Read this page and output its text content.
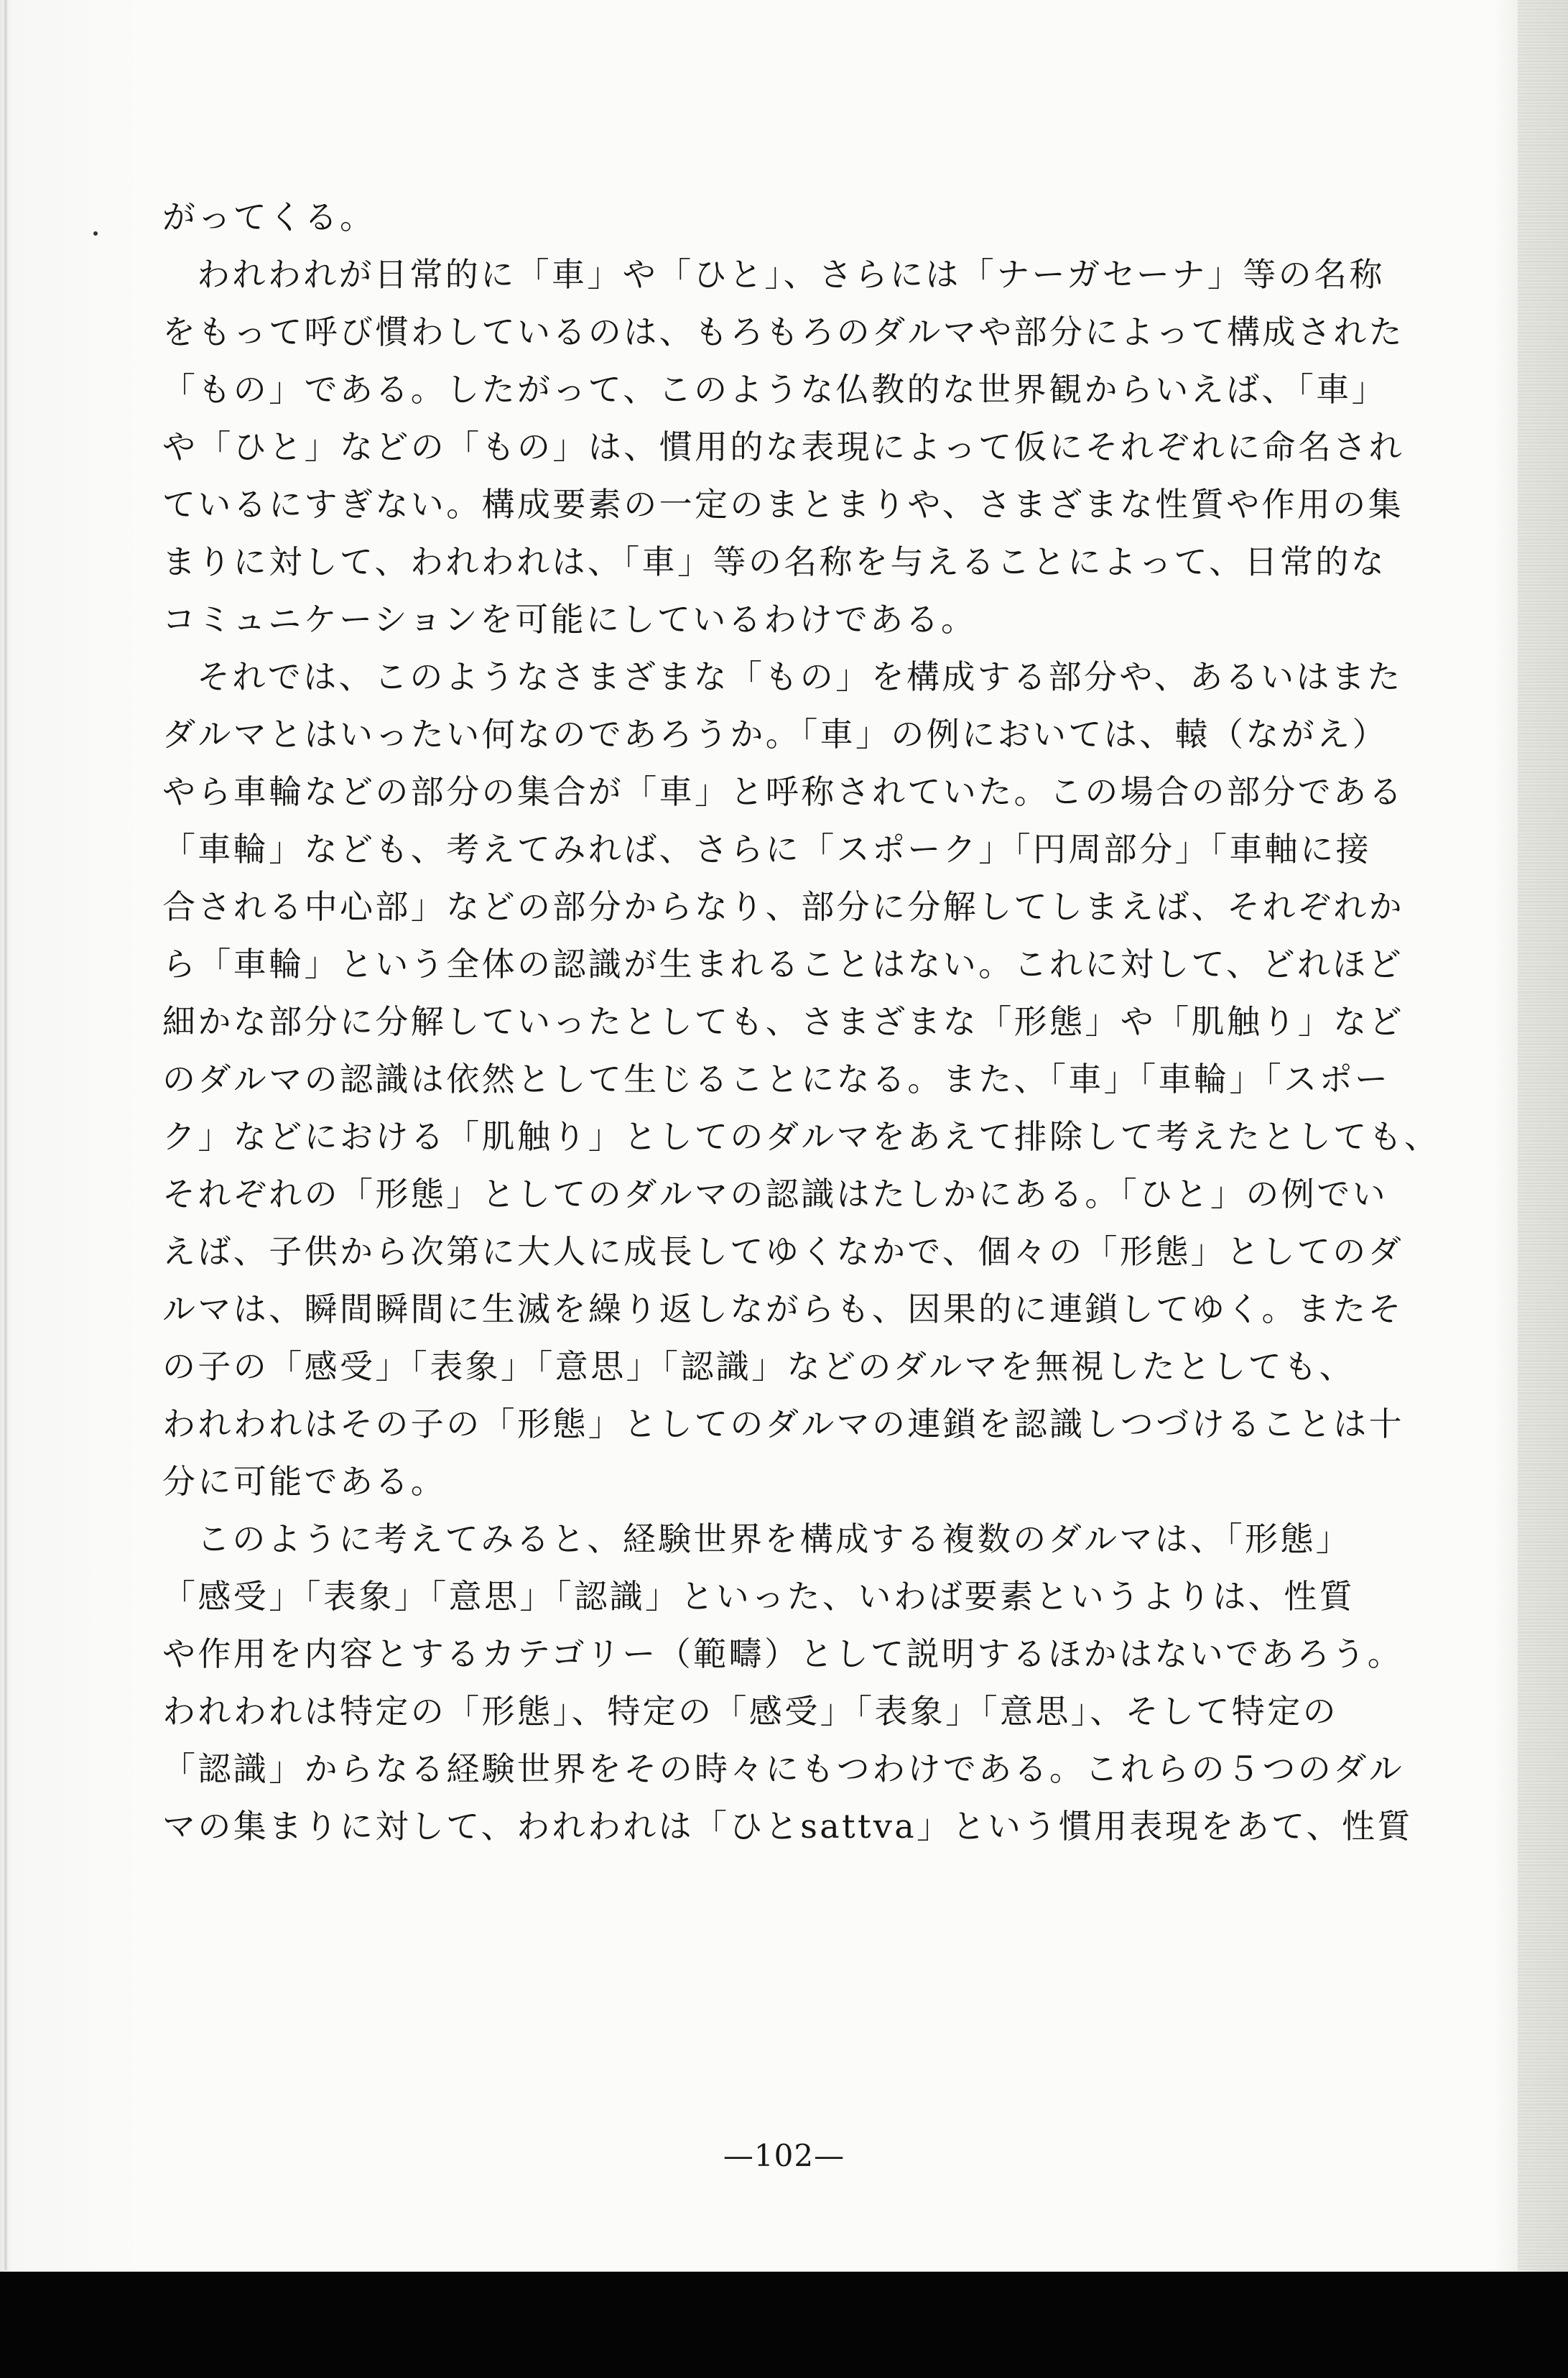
がってくる。
われわれが日常的に「車」や「ひと」、さらには「ナーガセーナ」等の名称
をもって呼び慣わしているのは、もろもろのダルマや部分によって構成された
「もの」である。したがって、このような仏教的な世界観からいえば、「車」
や「ひと」などの「もの」は、慣用的な表現によって仮にそれぞれに命名され
ているにすぎない。構成要素の一定のまとまりや、さまざまな性質や作用の集
まりに対して、われわれは、「車」等の名称を与えることによって、日常的な
コミュニケーションを可能にしているわけである。
それでは、このようなさまざまな「もの」を構成する部分や、あるいはまた
ダルマとはいったい何なのであろうか。「車」の例においては、轅（ながえ）
やら車輪などの部分の集合が「車」と呼称されていた。この場合の部分である
「車輪」なども、考えてみれば、さらに「スポーク」「円周部分」「車軸に接
合される中心部」などの部分からなり、部分に分解してしまえば、それぞれか
ら「車輪」という全体の認識が生まれることはない。これに対して、どれほど
細かな部分に分解していったとしても、さまざまな「形態」や「肌触り」など
のダルマの認識は依然として生じることになる。また、「車」「車輪」「スポー
ク」などにおける「肌触り」としてのダルマをあえて排除して考えたとしても、
それぞれの「形態」としてのダルマの認識はたしかにある。「ひと」の例でい
えば、子供から次第に大人に成長してゆくなかで、個々の「形態」としてのダ
ルマは、瞬間瞬間に生滅を繰り返しながらも、因果的に連鎖してゆく。またそ
の子の「感受」「表象」「意思」「認識」などのダルマを無視したとしても、
われわれはその子の「形態」としてのダルマの連鎖を認識しつづけることは十
分に可能である。
このように考えてみると、経験世界を構成する複数のダルマは、「形態」
「感受」「表象」「意思」「認識」といった、いわば要素というよりは、性質
や作用を内容とするカテゴリー（範疇）として説明するほかはないであろう。
われわれは特定の「形態」、特定の「感受」「表象」「意思」、そして特定の
「認識」からなる経験世界をその時々にもつわけである。これらの５つのダル
マの集まりに対して、われわれは「ひとsattva」という慣用表現をあて、性質
—102—
